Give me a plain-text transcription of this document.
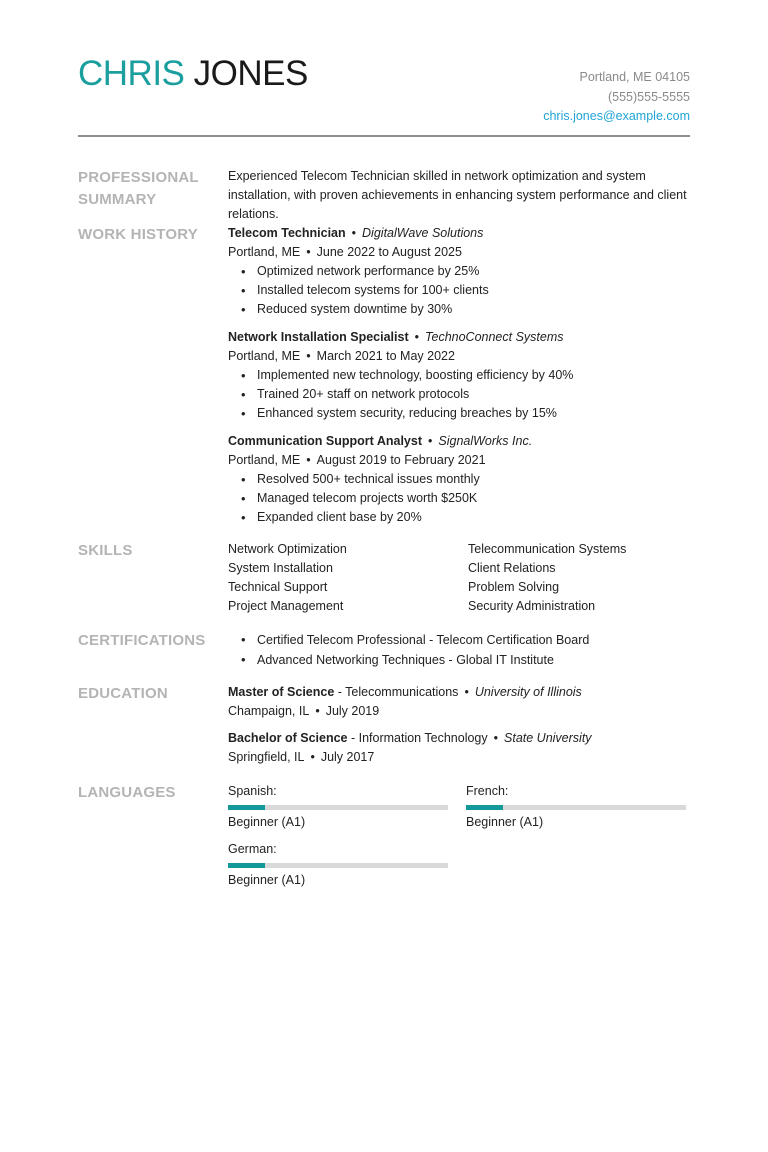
CHRIS JONES	Portland, ME 04105
(555)555-5555
chris.jones@example.com
PROFESSIONAL
SUMMARY
Experienced Telecom Technician skilled in network optimization and system installation, with proven achievements in enhancing system performance and client relations.
WORK HISTORY	Telecom Technician • DigitalWave Solutions
Portland, ME • June 2022 to August 2025
• Optimized network performance by 25%
• Installed telecom systems for 100+ clients
• Reduced system downtime by 30%
Network Installation Specialist • TechnoConnect Systems
Portland, ME • March 2021 to May 2022
• Implemented new technology, boosting efficiency by 40%
• Trained 20+ staff on network protocols
• Enhanced system security, reducing breaches by 15%
Communication Support Analyst • SignalWorks Inc.
Portland, ME • August 2019 to February 2021
• Resolved 500+ technical issues monthly
• Managed telecom projects worth $250K
• Expanded client base by 20%
SKILLS	Network Optimization	Telecommunication Systems
System Installation	Client Relations
Technical Support	Problem Solving
Project Management	Security Administration
CERTIFICATIONS	• Certified Telecom Professional - Telecom Certification Board
• Advanced Networking Techniques - Global IT Institute
EDUCATION	Master of Science - Telecommunications • University of Illinois
Champaign, IL • July 2019
Bachelor of Science - Information Technology • State University
Springfield, IL • July 2017
LANGUAGES	Spanish:
Beginner (A1)
French:
Beginner (A1)
German:
Beginner (A1)
